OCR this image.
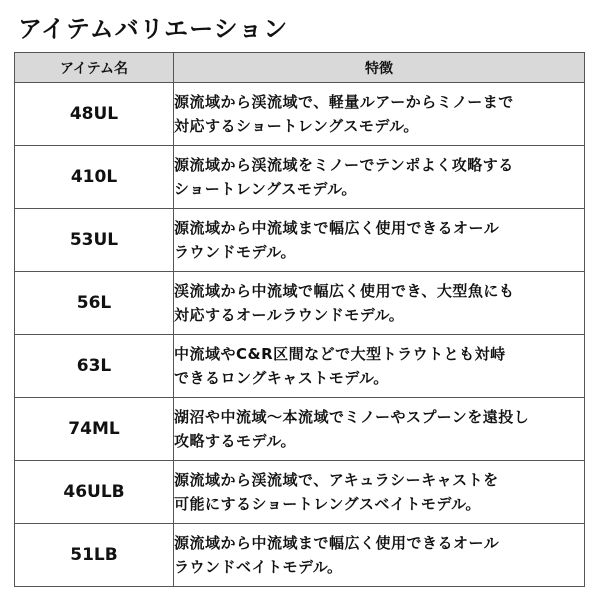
アイテムバリエーション
アイテム名	特徴
48UL	源流域から渓流域で、軽量ルアーからミノーまで
対応するショートレングスモデル。

410L	源流域から渓流域をミノーでテンポよく攻略する
ショートレングスモデル。

53UL	源流域から中流域まで幅広く使用できるオール
ラウンドモデル。

56L	渓流域から中流域で幅広く使用でき、大型魚にも
対応するオールラウンドモデル。

63L	中流域やC&R区間などで大型トラウトとも対峙
できるロングキャストモデル。

74ML	湖沼や中流域～本流域でミノーやスプーンを遠投し
攻略するモデル。

46ULB	源流域から渓流域で、アキュラシーキャストを
可能にするショートレングスベイトモデル。

51LB	源流域から中流域まで幅広く使用できるオール
ラウンドベイトモデル。
